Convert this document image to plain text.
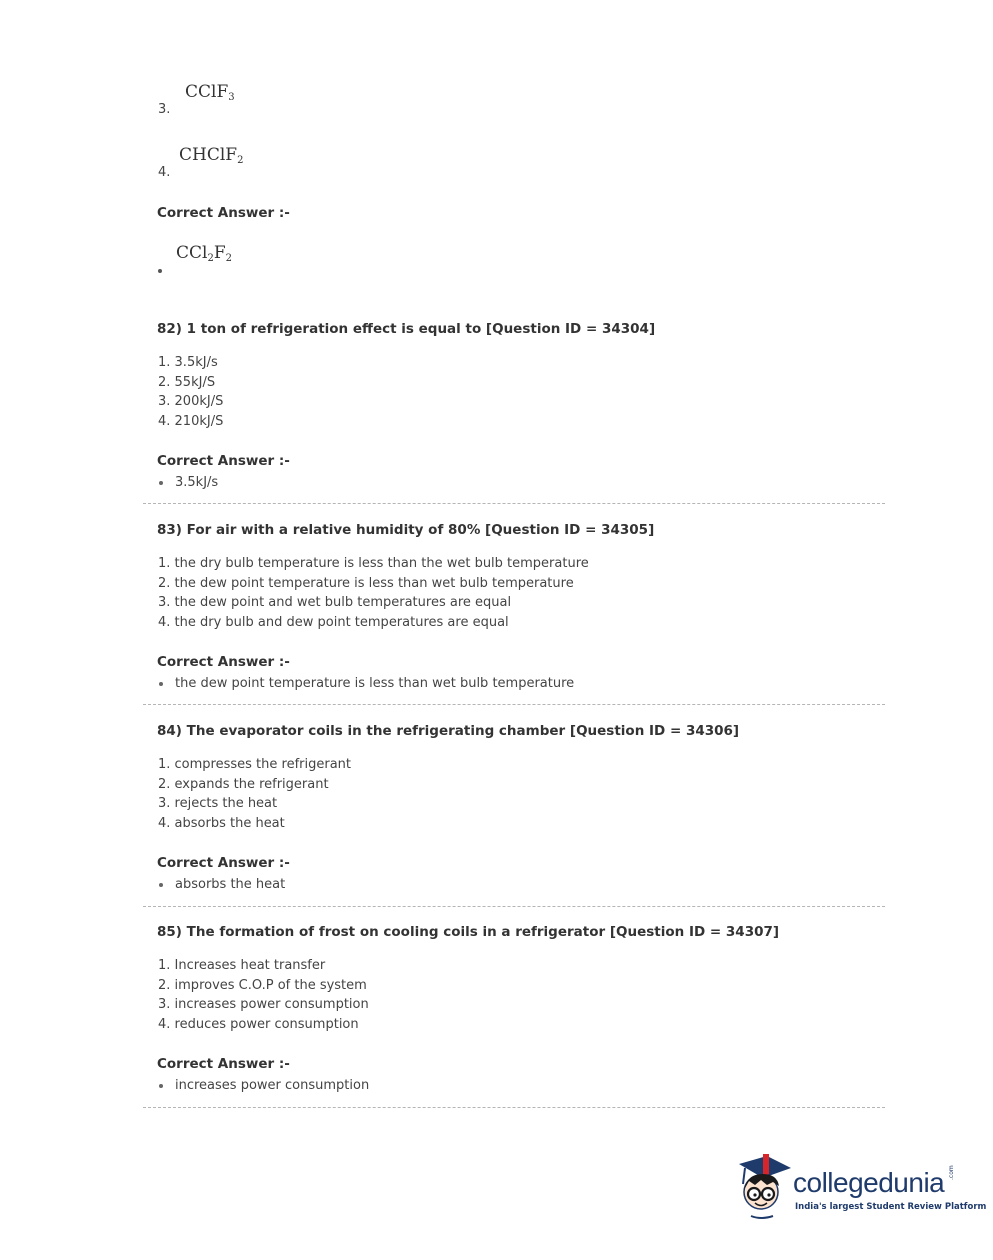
CClF$_3$
3.
CHClF$_2$
4.
Correct Answer :-
$CCl_2F_2$
82) 1 ton of refrigeration effect is equal to [Question ID = 34304]
1. 3.5kJ/s
2. 55kJ/S
3. 200kJ/S
4. 210kJ/S
Correct Answer :-
3.5kJ/s
83) For air with a relative humidity of 80% [Question ID = 34305]
1. the dry bulb temperature is less than the wet bulb temperature
2. the dew point temperature is less than wet bulb temperature
3. the dew point and wet bulb temperatures are equal
4. the dry bulb and dew point temperatures are equal
Correct Answer :-
the dew point temperature is less than wet bulb temperature
84) The evaporator coils in the refrigerating chamber [Question ID = 34306]
1. compresses the refrigerant
2. expands the refrigerant
3. rejects the heat
4. absorbs the heat
Correct Answer :-
absorbs the heat
85) The formation of frost on cooling coils in a refrigerator [Question ID = 34307]
1. Increases heat transfer
2. improves C.O.P of the system
3. increases power consumption
4. reduces power consumption
Correct Answer :-
increases power consumption
collegedunia .com
India's largest Student Review Platform
